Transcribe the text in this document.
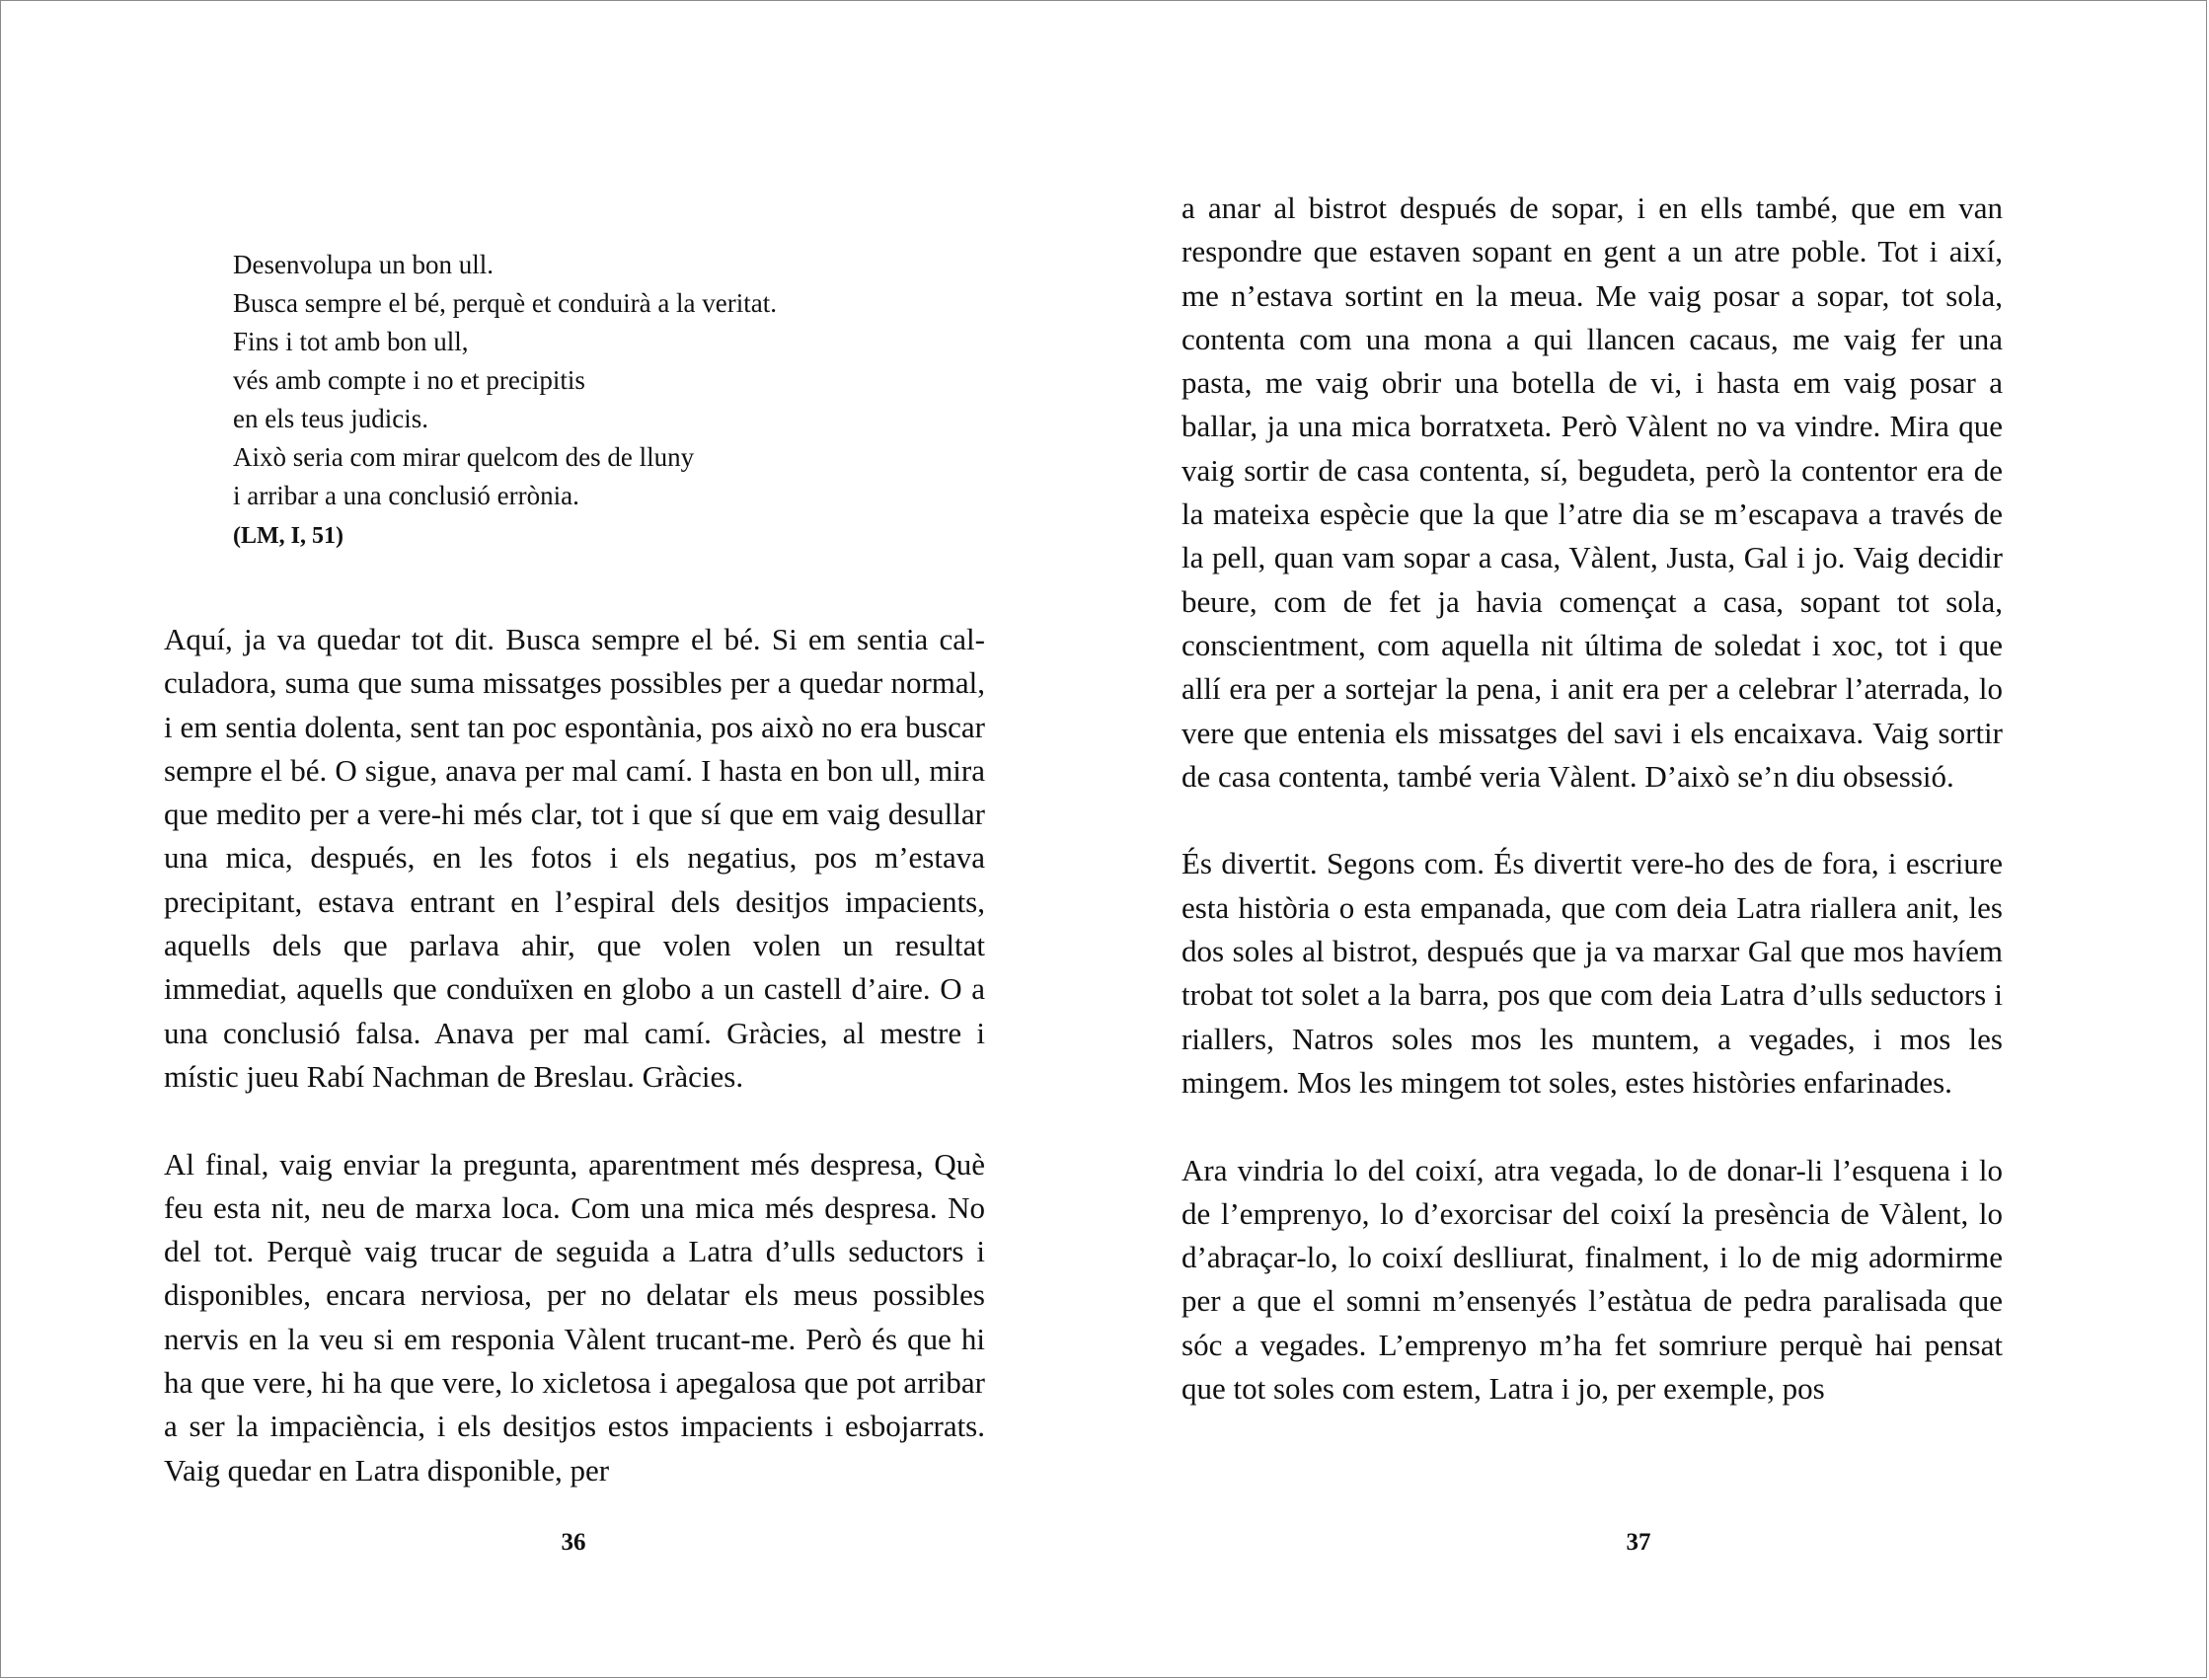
Desenvolupa un bon ull.
Busca sempre el bé, perquè et conduirà a la veritat.
Fins i tot amb bon ull,
vés amb compte i no et precipitis
en els teus judicis.
Això seria com mirar quelcom des de lluny
i arribar a una conclusió errònia.
(LM, I, 51)

Aquí, ja va quedar tot dit. Busca sempre el bé. Si em sentia calculadora, suma que suma missatges possibles per a quedar normal, i em sentia dolenta, sent tan poc espontània, pos això no era buscar sempre el bé. O sigue, anava per mal camí. I hasta en bon ull, mira que medito per a vere-hi més clar, tot i que sí que em vaig desullar una mica, después, en les fotos i els negatius, pos m’estava precipitant, estava entrant en l’espiral dels desitjos impacients, aquells dels que parlava ahir, que volen volen un resultat immediat, aquells que conduïxen en globo a un castell d’aire. O a una conclusió falsa. Anava per mal camí. Gràcies, al mestre i místic jueu Rabí Nachman de Breslau. Gràcies.

Al final, vaig enviar la pregunta, aparentment més despresa, Què feu esta nit, neu de marxa loca. Com una mica més despresa. No del tot. Perquè vaig trucar de seguida a Latra d’ulls seductors i disponibles, encara nerviosa, per no delatar els meus possibles nervis en la veu si em responia Vàlent trucant-me. Però és que hi ha que vere, hi ha que vere, lo xicletosa i apegalosa que pot arribar a ser la impaciència, i els desitjos estos impacients i esbojarrats. Vaig quedar en Latra disponible, per

36

a anar al bistrot después de sopar, i en ells també, que em van respondre que estaven sopant en gent a un atre poble. Tot i així, me n’estava sortint en la meua. Me vaig posar a sopar, tot sola, contenta com una mona a qui llancen cacaus, me vaig fer una pasta, me vaig obrir una botella de vi, i hasta em vaig posar a ballar, ja una mica borratxeta. Però Vàlent no va vindre. Mira que vaig sortir de casa contenta, sí, begudeta, però la contentor era de la mateixa espècie que la que l’atre dia se m’escapava a través de la pell, quan vam sopar a casa, Vàlent, Justa, Gal i jo. Vaig decidir beure, com de fet ja havia començat a casa, sopant tot sola, conscientment, com aquella nit última de soledat i xoc, tot i que allí era per a sortejar la pena, i anit era per a celebrar l’aterrada, lo vere que entenia els missatges del savi i els encaixava. Vaig sortir de casa contenta, també veria Vàlent. D’això se’n diu obsessió.

És divertit. Segons com. És divertit vere-ho des de fora, i escriure esta història o esta empanada, que com deia Latra riallera anit, les dos soles al bistrot, después que ja va marxar Gal que mos havíem trobat tot solet a la barra, pos que com deia Latra d’ulls seductors i riallers, Natros soles mos les muntem, a vegades, i mos les mingem. Mos les mingem tot soles, estes històries enfarinades.

Ara vindria lo del coixí, atra vegada, lo de donar-li l’esquena i lo de l’emprenyo, lo d’exorcisar del coixí la presència de Vàlent, lo d’abraçar-lo, lo coixí deslliurat, finalment, i lo de mig adormirme per a que el somni m’ensenyés l’estàtua de pedra paralisada que sóc a vegades. L’emprenyo m’ha fet somriure perquè hai pensat que tot soles com estem, Latra i jo, per exemple, pos

37
